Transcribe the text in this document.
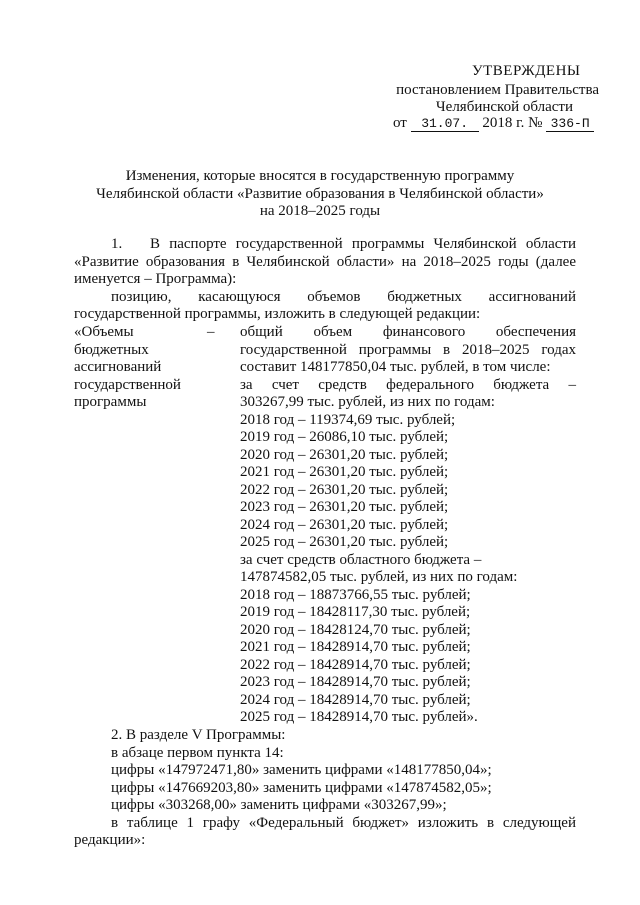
УТВЕРЖДЕНЫ
постановлением Правительства
Челябинской области
от 31.07. 2018 г. № 336-П
Изменения, которые вносятся в государственную программу
Челябинской области «Развитие образования в Челябинской области»
на 2018–2025 годы
1. В паспорте государственной программы Челябинской области
«Развитие образования в Челябинской области» на 2018–2025 годы (далее
именуется – Программа):
позицию, касающуюся объемов бюджетных ассигнований
государственной программы, изложить в следующей редакции:
«Объемы	–
бюджетных
ассигнований
государственной
программы
общий объем финансового обеспечения
государственной программы в 2018–2025 годах
составит 148177850,04 тыс. рублей, в том числе:
за счет средств федерального бюджета –
303267,99 тыс. рублей, из них по годам:
2018 год – 119374,69 тыс. рублей;
2019 год – 26086,10 тыс. рублей;
2020 год – 26301,20 тыс. рублей;
2021 год – 26301,20 тыс. рублей;
2022 год – 26301,20 тыс. рублей;
2023 год – 26301,20 тыс. рублей;
2024 год – 26301,20 тыс. рублей;
2025 год – 26301,20 тыс. рублей;
за счет средств областного бюджета –
147874582,05 тыс. рублей, из них по годам:
2018 год – 18873766,55 тыс. рублей;
2019 год – 18428117,30 тыс. рублей;
2020 год – 18428124,70 тыс. рублей;
2021 год – 18428914,70 тыс. рублей;
2022 год – 18428914,70 тыс. рублей;
2023 год – 18428914,70 тыс. рублей;
2024 год – 18428914,70 тыс. рублей;
2025 год – 18428914,70 тыс. рублей».
2. В разделе V Программы:
в абзаце первом пункта 14:
цифры «147972471,80» заменить цифрами «148177850,04»;
цифры «147669203,80» заменить цифрами «147874582,05»;
цифры «303268,00» заменить цифрами «303267,99»;
в таблице 1 графу «Федеральный бюджет» изложить в следующей
редакции»:
